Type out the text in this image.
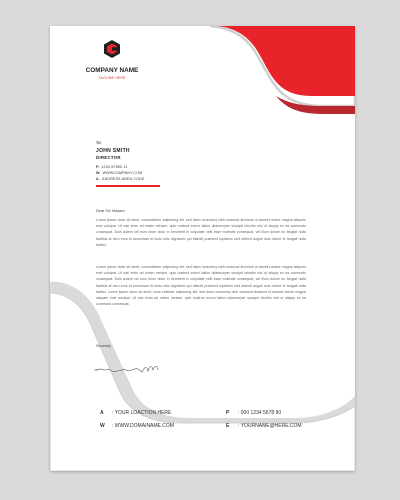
COMPANY NAME
TAGLINE HERE
TO
JOHN SMITH
DIRECTOR
P. 1234 67890 11
W. WWWCOMPANY.COM
A. ADDRESS AREA CODE
Dear Sir/ Madam

Lorem ipsum dolor sit amet, consectetuer adipiscing elit, sed diam nonummy nibh euismod tincidunt ut laoreet dolore magna aliquam erat volutpat. Ut wisi enim ad minim veniam, quis nostrud exerci tation ullamcorper suscipit lobortis nisl ut aliquip ex ea commodo consequat. Duis autem vel eum iriure dolor in hendrerit in vulputate velit esse molestie consequat, vel illum dolore eu feugiat nulla facilisis at vero eros et accumsan et iusto odio dignissim qui blandit praesent luptatum zzril delenit augue duis dolore te feugait nulla facilisi.

Lorem ipsum dolor sit amet, consectetuer adipiscing elit, sed diam nonummy nibh euismod tincidunt ut laoreet dolore magna aliquam erat volutpat. Ut wisi enim ad minim veniam, quis nostrud exerci tation ullamcorper suscipit lobortis nisl ut aliquip ex ea commodo consequat. Duis autem vel eum iriure dolor in hendrerit in vulputate velit esse molestie consequat, vel illum dolore eu feugiat nulla facilisis at vero eros et accumsan et iusto odio dignissim qui blandit praesent luptatum zzril delenit augue duis dolore te feugait nulla facilisi. Lorem ipsum dolor sit amet, cons ectetuer adipiscing elit, sed diam nonummy nibh euismod tincidunt ut laoreet dolore magna aliquam erat volutpat. Ut wisi enim ad minim veniam, quis nostrud exerci tation ullamcorper suscipit lobortis nisl ut aliquip ex ea commodo consequat.

Sincerely
A : YOUR LOACTION HERE
W : WWW.DOMAINAME.COM
P : 000 1234 5678 90
E : YOURNAME@HERE.COM
